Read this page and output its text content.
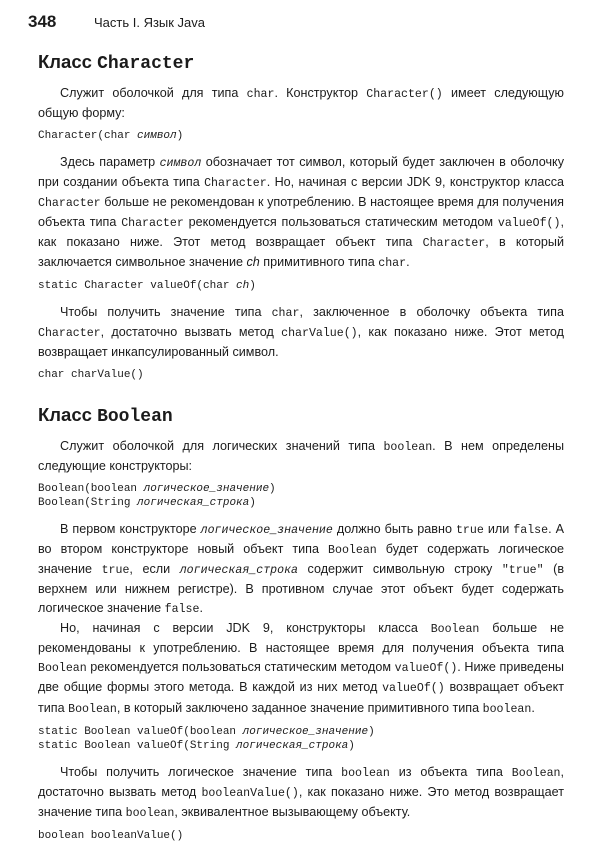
348	Часть I. Язык Java
Класс Character

Служит оболочкой для типа char. Конструктор Character() имеет следующую общую форму:

Character(char символ)

Здесь параметр символ обозначает тот символ, который будет заключен в оболочку при создании объекта типа Character. Но, начиная с версии JDK 9, конструктор класса Character больше не рекомендован к употреблению. В настоящее время для получения объекта типа Character рекомендуется пользоваться статическим методом valueOf(), как показано ниже. Этот метод возвращает объект типа Character, в который заключается символьное значение ch примитивного типа char.

static Character valueOf(char ch)

Чтобы получить значение типа char, заключенное в оболочку объекта типа Character, достаточно вызвать метод charValue(), как показано ниже. Этот метод возвращает инкапсулированный символ.

char charValue()
Класс Boolean

Служит оболочкой для логических значений типа boolean. В нем определены следующие конструкторы:

Boolean(boolean логическое_значение)
Boolean(String логическая_строка)

В первом конструкторе логическое_значение должно быть равно true или false. А во втором конструкторе новый объект типа Boolean будет содержать логическое значение true, если логическая_строка содержит символьную строку "true" (в верхнем или нижнем регистре). В противном случае этот объект будет содержать логическое значение false.

Но, начиная с версии JDK 9, конструкторы класса Boolean больше не рекомендованы к употреблению. В настоящее время для получения объекта типа Boolean рекомендуется пользоваться статическим методом valueOf(). Ниже приведены две общие формы этого метода. В каждой из них метод valueOf() возвращает объект типа Boolean, в который заключено заданное значение примитивного типа boolean.

static Boolean valueOf(boolean логическое_значение)
static Boolean valueOf(String логическая_строка)

Чтобы получить логическое значение типа boolean из объекта типа Boolean, достаточно вызвать метод booleanValue(), как показано ниже. Это метод возвращает значение типа boolean, эквивалентное вызывающему объекту.

boolean booleanValue()
